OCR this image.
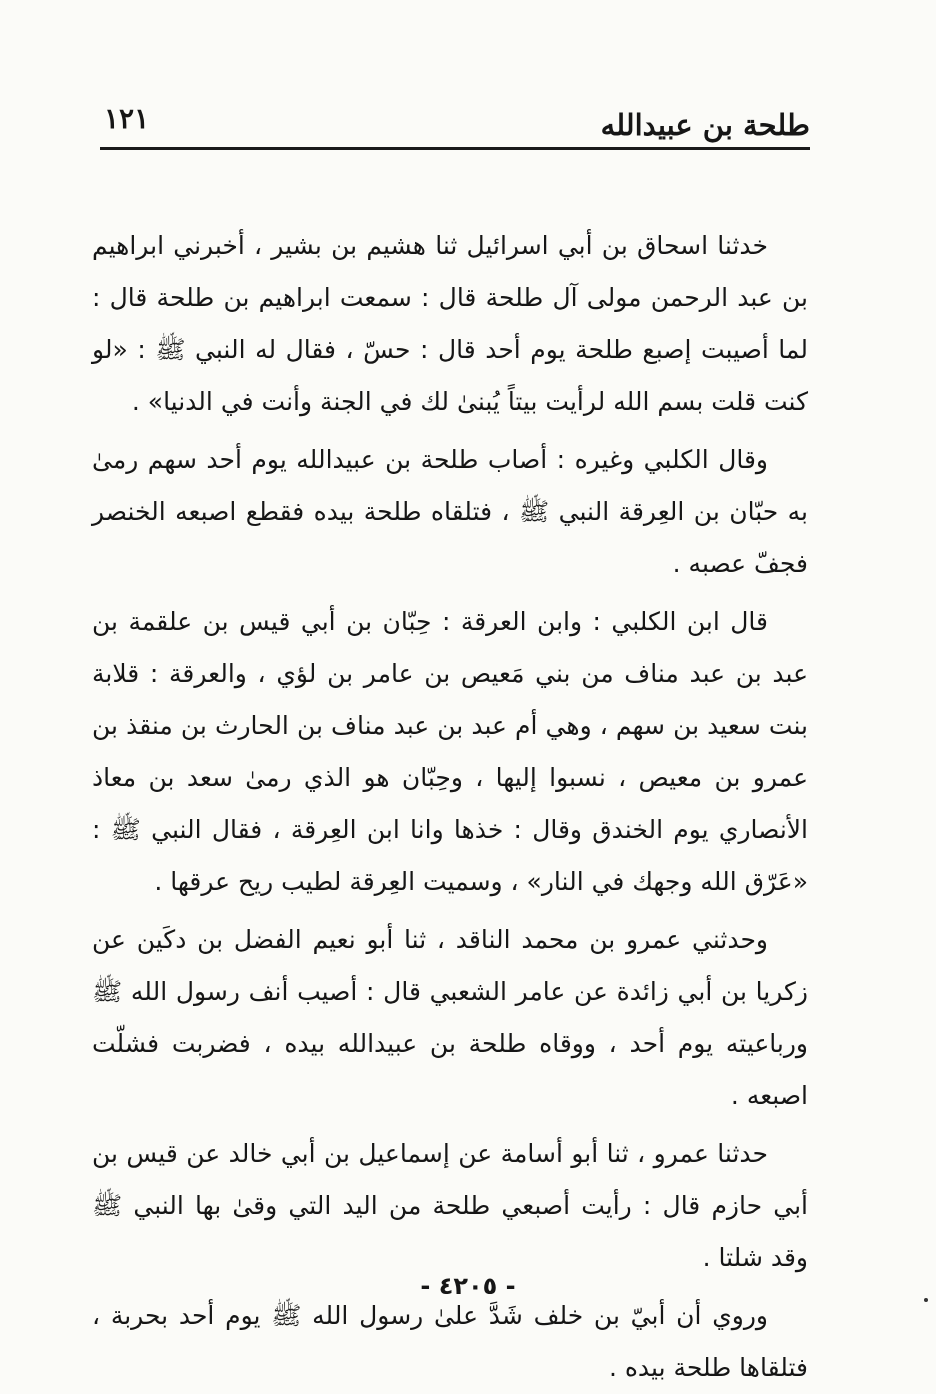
طلحة بن عبيدالله
١٢١

خدثنا اسحاق بن أبي اسرائيل ثنا هشيم بن بشير ، أخبرني ابراهيم بن عبد الرحمن مولى آل طلحة قال : سمعت ابراهيم بن طلحة قال : لما أصيبت إصبع طلحة يوم أحد قال : حسّ ، فقال له النبي ﷺ : «لو كنت قلت بسم الله لرأيت بيتاً يُبنىٰ لك في الجنة وأنت في الدنيا» .

وقال الكلبي وغيره : أصاب طلحة بن عبيدالله يوم أحد سهم رمىٰ به حبّان بن العِرقة النبي ﷺ ، فتلقاه طلحة بيده فقطع اصبعه الخنصر فجفّ عصبه .

قال ابن الكلبي : وابن العرقة : حِبّان بن أبي قيس بن علقمة بن عبد بن عبد مناف من بني مَعيص بن عامر بن لؤي ، والعرقة : قلابة بنت سعيد بن سهم ، وهي أم عبد بن عبد مناف بن الحارث بن منقذ بن عمرو بن معيص ، نسبوا إليها ، وحِبّان هو الذي رمىٰ سعد بن معاذ الأنصاري يوم الخندق وقال : خذها وانا ابن العِرقة ، فقال النبي ﷺ : «عَرّق الله وجهك في النار» ، وسميت العِرقة لطيب ريح عرقها .

وحدثني عمرو بن محمد الناقد ، ثنا أبو نعيم الفضل بن دكَين عن زكريا بن أبي زائدة عن عامر الشعبي قال : أصيب أنف رسول الله ﷺ ورباعيته يوم أحد ، ووقاه طلحة بن عبيدالله بيده ، فضربت فشلّت اصبعه .

حدثنا عمرو ، ثنا أبو أسامة عن إسماعيل بن أبي خالد عن قيس بن أبي حازم قال : رأيت أصبعي طلحة من اليد التي وقىٰ بها النبي ﷺ وقد شلتا .

وروي أن أبيّ بن خلف شَدَّ علىٰ رسول الله ﷺ يوم أحد بحربة ، فتلقاها طلحة بيده .

- ٤٢٠٥ -
